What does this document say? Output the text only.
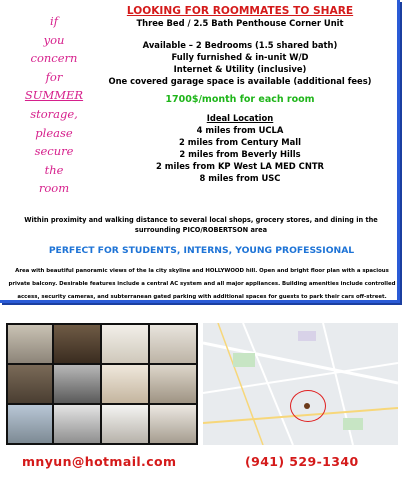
if
you
concern
for
SUMMER
storage,
please
secure
the
room
LOOKING FOR ROOMMATES TO SHARE
Three Bed / 2.5 Bath Penthouse Corner Unit
Available – 2 Bedrooms (1.5 shared bath)
Fully furnished & in-unit W/D
Internet & Utility (inclusive)
One covered garage space is available (additional fees)
1700$/month for each room
Ideal Location
4 miles from UCLA
2 miles from Century Mall
2 miles from Beverly Hills
2 miles from KP West LA MED CNTR
8 miles from USC
Within proximity and walking distance to several local shops, grocery stores, and dining in the surrounding PICO/ROBERTSON area
PERFECT FOR STUDENTS, INTERNS, YOUNG PROFESSIONAL
Area with beautiful panoramic views of the la city skyline and HOLLYWOOD hill. Open and bright floor plan with a spacious private balcony. Desirable features include a central AC system and all major appliances. Building amenities include controlled access, security cameras, and subterranean gated parking with additional spaces for guests to park their cars off-street.
mnyun@hotmail.com	(941) 529-1340
